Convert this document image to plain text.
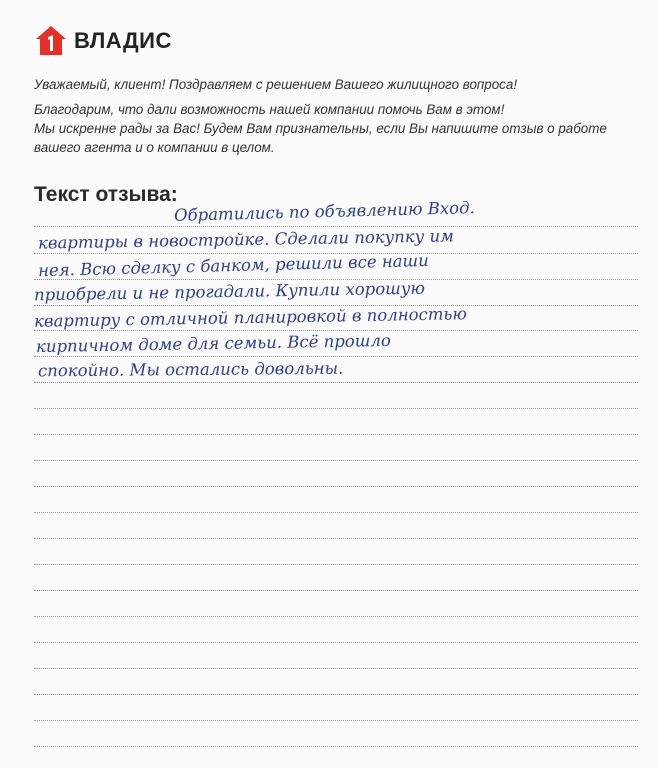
ВЛАДИС
Уважаемый, клиент! Поздравляем с решением Вашего жилищного вопроса!
Благодарим, что дали возможность нашей компании помочь Вам в этом!
Мы искренне рады за Вас! Будем Вам признательны, если Вы напишите отзыв о работе
вашего агента и о компании в целом.
Текст отзыва:
Обратились по объявлению Вход.
квартиры в новостройке. Сделали покупку им
нея. Всю сделку с банком, решили все наши
приобрели и не прогадали. Купили хорошую
квартиру с отличной планировкой в полностью
кирпичном доме для семьи. Всё прошло
спокойно. Мы остались довольны.
